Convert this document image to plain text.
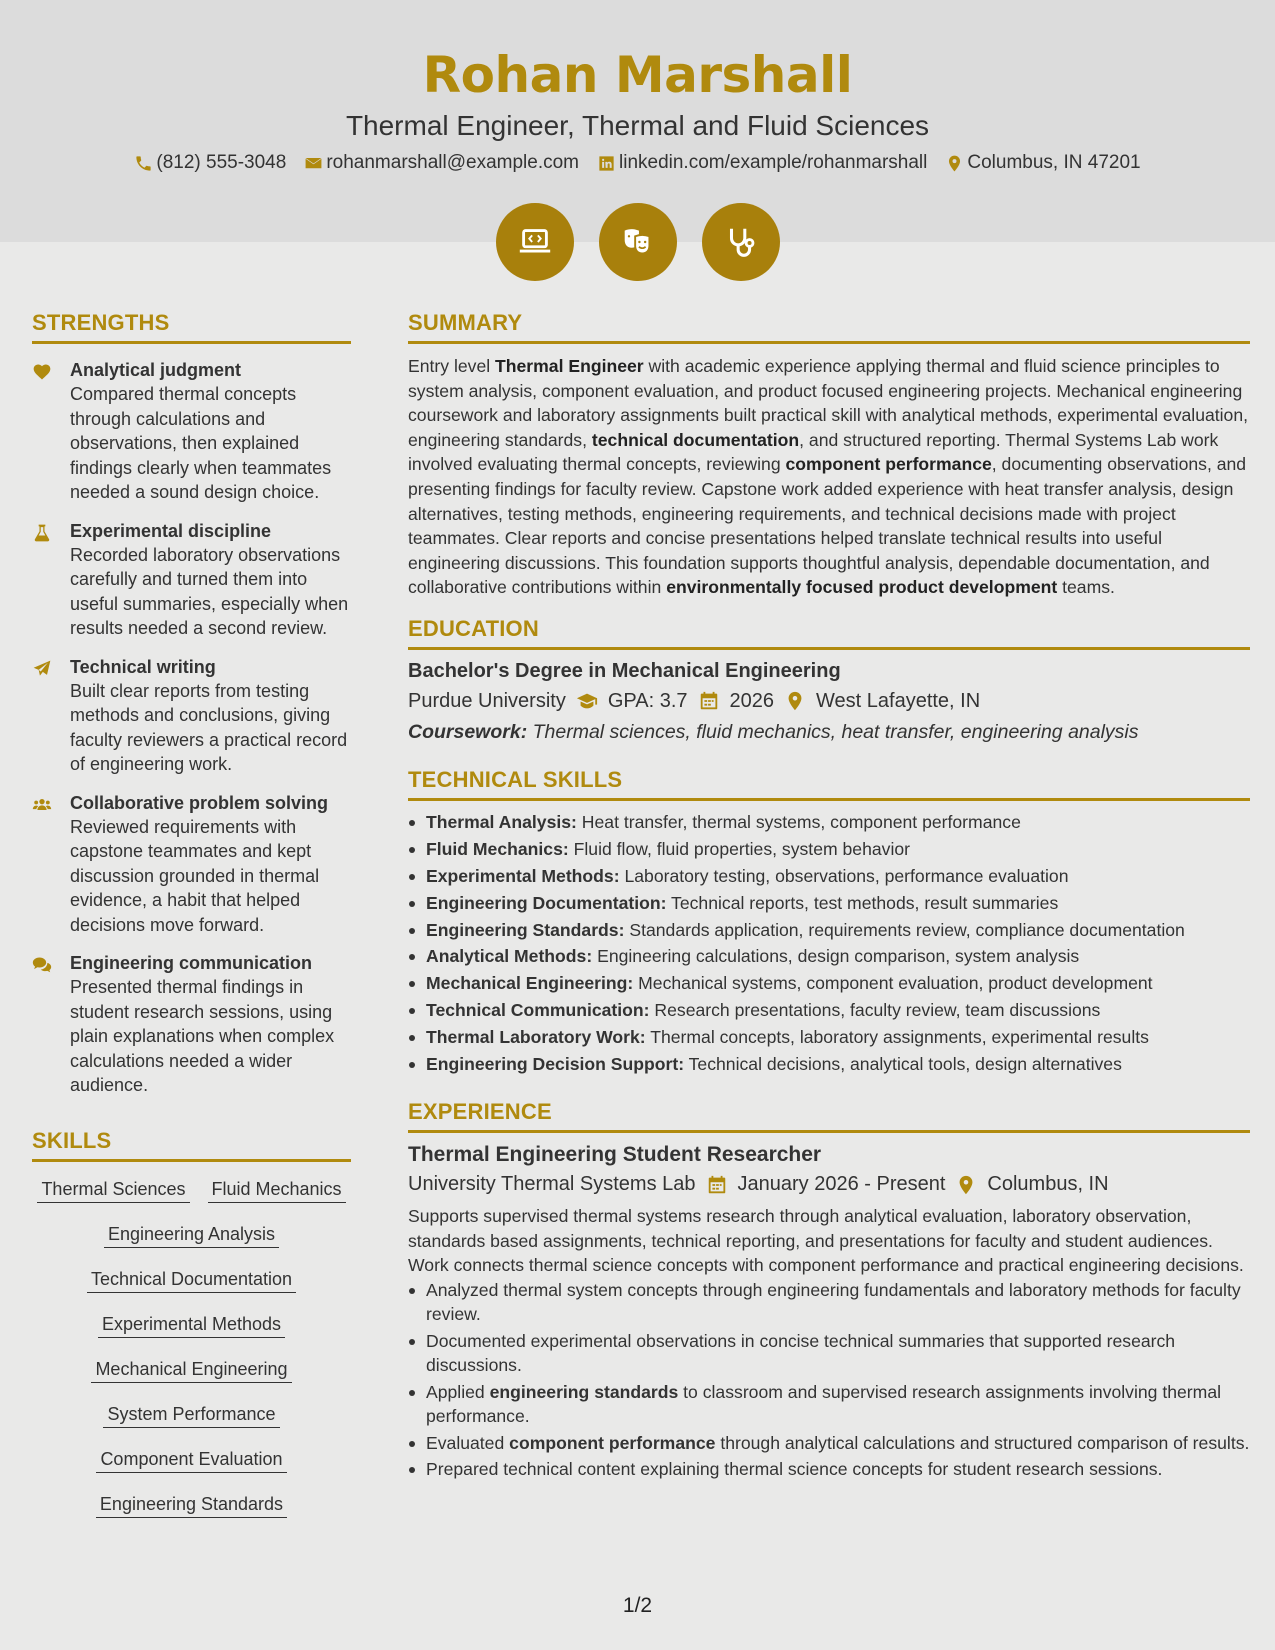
Rohan Marshall
Thermal Engineer, Thermal and Fluid Sciences
(812) 555-3048 rohanmarshall@example.com linkedin.com/example/rohanmarshall Columbus, IN 47201
STRENGTHS
Analytical judgment
Compared thermal concepts through calculations and observations, then explained findings clearly when teammates needed a sound design choice.
Experimental discipline
Recorded laboratory observations carefully and turned them into useful summaries, especially when results needed a second review.
Technical writing
Built clear reports from testing methods and conclusions, giving faculty reviewers a practical record of engineering work.
Collaborative problem solving
Reviewed requirements with capstone teammates and kept discussion grounded in thermal evidence, a habit that helped decisions move forward.
Engineering communication
Presented thermal findings in student research sessions, using plain explanations when complex calculations needed a wider audience.
SKILLS
Thermal Sciences Fluid Mechanics
Engineering Analysis
Technical Documentation
Experimental Methods
Mechanical Engineering
System Performance
Component Evaluation
Engineering Standards
SUMMARY
Entry level Thermal Engineer with academic experience applying thermal and fluid science principles to system analysis, component evaluation, and product focused engineering projects. Mechanical engineering coursework and laboratory assignments built practical skill with analytical methods, experimental evaluation, engineering standards, technical documentation, and structured reporting. Thermal Systems Lab work involved evaluating thermal concepts, reviewing component performance, documenting observations, and presenting findings for faculty review. Capstone work added experience with heat transfer analysis, design alternatives, testing methods, engineering requirements, and technical decisions made with project teammates. Clear reports and concise presentations helped translate technical results into useful engineering discussions. This foundation supports thoughtful analysis, dependable documentation, and collaborative contributions within environmentally focused product development teams.
EDUCATION
Bachelor's Degree in Mechanical Engineering
Purdue University GPA: 3.7 2026 West Lafayette, IN
Coursework: Thermal sciences, fluid mechanics, heat transfer, engineering analysis
TECHNICAL SKILLS
Thermal Analysis: Heat transfer, thermal systems, component performance
Fluid Mechanics: Fluid flow, fluid properties, system behavior
Experimental Methods: Laboratory testing, observations, performance evaluation
Engineering Documentation: Technical reports, test methods, result summaries
Engineering Standards: Standards application, requirements review, compliance documentation
Analytical Methods: Engineering calculations, design comparison, system analysis
Mechanical Engineering: Mechanical systems, component evaluation, product development
Technical Communication: Research presentations, faculty review, team discussions
Thermal Laboratory Work: Thermal concepts, laboratory assignments, experimental results
Engineering Decision Support: Technical decisions, analytical tools, design alternatives
EXPERIENCE
Thermal Engineering Student Researcher
University Thermal Systems Lab January 2026 - Present Columbus, IN
Supports supervised thermal systems research through analytical evaluation, laboratory observation, standards based assignments, technical reporting, and presentations for faculty and student audiences. Work connects thermal science concepts with component performance and practical engineering decisions.
Analyzed thermal system concepts through engineering fundamentals and laboratory methods for faculty review.
Documented experimental observations in concise technical summaries that supported research discussions.
Applied engineering standards to classroom and supervised research assignments involving thermal performance.
Evaluated component performance through analytical calculations and structured comparison of results.
Prepared technical content explaining thermal science concepts for student research sessions.
1/2
